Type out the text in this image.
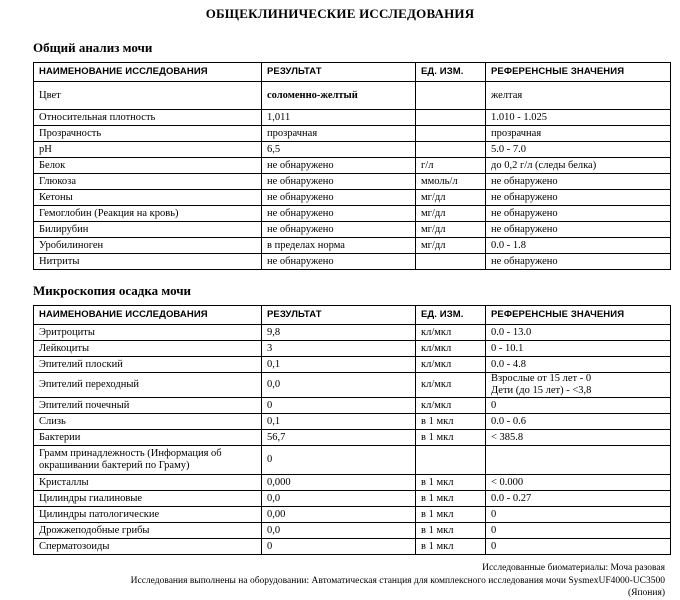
ОБЩЕКЛИНИЧЕСКИЕ ИССЛЕДОВАНИЯ
Общий анализ мочи
НАИМЕНОВАНИЕ ИССЛЕДОВАНИЯ	РЕЗУЛЬТАТ	ЕД. ИЗМ.	РЕФЕРЕНСНЫЕ ЗНАЧЕНИЯ

Цвет	соломенно-желтый		желтая

Относительная плотность	1,011		1.010 - 1.025

Прозрачность	прозрачная		прозрачная

pH	6,5		5.0 - 7.0

Белок	не обнаружено	г/л	до 0,2 г/л (следы белка)

Глюкоза	не обнаружено	ммоль/л	не обнаружено

Кетоны	не обнаружено	мг/дл	не обнаружено

Гемоглобин (Реакция на кровь)	не обнаружено	мг/дл	не обнаружено

Билирубин	не обнаружено	мг/дл	не обнаружено

Уробилиноген	в пределах норма	мг/дл	0.0 - 1.8

Нитриты	не обнаружено		не обнаружено
Микроскопия осадка мочи
НАИМЕНОВАНИЕ ИССЛЕДОВАНИЯ	РЕЗУЛЬТАТ	ЕД. ИЗМ.	РЕФЕРЕНСНЫЕ ЗНАЧЕНИЯ

Эритроциты	9,8	кл/мкл	0.0 - 13.0

Лейкоциты	3	кл/мкл	0 - 10.1

Эпителий плоский	0,1	кл/мкл	0.0 - 4.8

Эпителий переходный	0,0	кл/мкл	Взрослые от 15 лет - 0
Дети (до 15 лет) - <3,8

Эпителий почечный	0	кл/мкл	0

Слизь	0,1	в 1 мкл	0.0 - 0.6

Бактерии	56,7	в 1 мкл	< 385.8

Грамм принадлежность (Информация об
окрашивании бактерий по Граму)	0		

Кристаллы	0,000	в 1 мкл	< 0.000

Цилиндры гиалиновые	0,0	в 1 мкл	0.0 - 0.27

Цилиндры патологические	0,00	в 1 мкл	0

Дрожжеподобные грибы	0,0	в 1 мкл	0

Сперматозоиды	0	в 1 мкл	0
Исследованные биоматериалы: Моча разовая
Исследования выполнены на оборудовании: Автоматическая станция для комплексного исследования мочи SysmexUF4000-UC3500
(Япония)
